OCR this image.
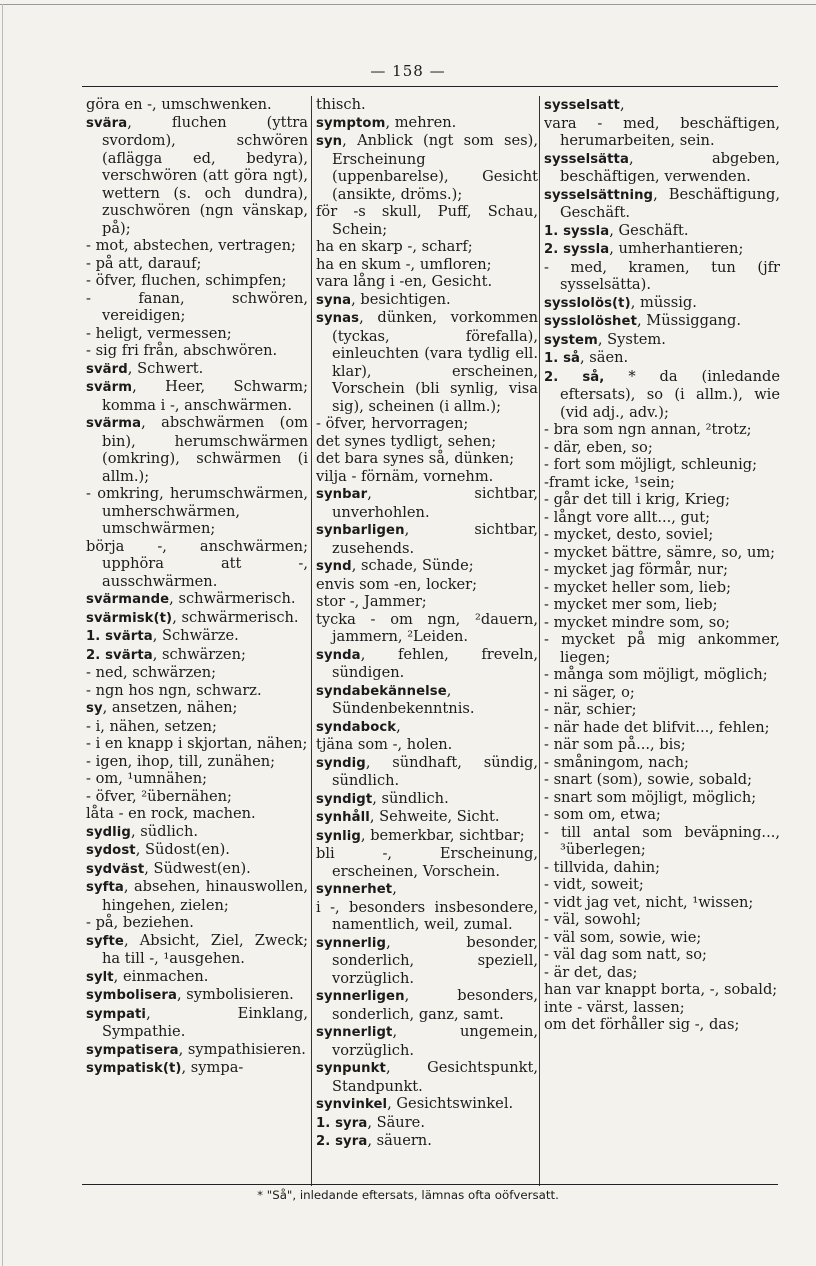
— 158 —

göra en -, umschwenken.

svära, fluchen (yttra svordom), schwören (aflägga ed, bedyra), verschwören (att göra ngt), wettern (s. och dundra), zuschwören (ngn vänskap, på);

- mot, abstechen, vertragen;

- på att, darauf;

- öfver, fluchen, schimpfen;

- fanan, schwören, vereidigen;

- heligt, vermessen;

- sig fri från, abschwören.

svärd, Schwert.

svärm, Heer, Schwarm; komma i -, anschwärmen.

svärma, abschwärmen (om bin), herumschwärmen (omkring), schwärmen (i allm.);

- omkring, herumschwärmen, umherschwärmen, umschwärmen;

börja -, anschwärmen; upphöra att -, ausschwärmen.

svärmande, schwärmerisch.

svärmisk(t), schwärmerisch.

1. svärta, Schwärze.

2. svärta, schwärzen;

- ned, schwärzen;

- ngn hos ngn, schwarz.

sy, ansetzen, nähen;

- i, nähen, setzen;

- i en knapp i skjortan, nähen;

- igen, ihop, till, zunähen;

- om, ¹umnähen;

- öfver, ²übernähen;

låta - en rock, machen.

sydlig, südlich.

sydost, Südost(en).

sydväst, Südwest(en).

syfta, absehen, hinauswollen, hingehen, zielen;

- på, beziehen.

syfte, Absicht, Ziel, Zweck; ha till -, ¹ausgehen.

sylt, einmachen.

symbolisera, symbolisieren.

sympati, Einklang, Sympathie.

sympatisera, sympathisieren.

sympatisk(t), sympa-

thisch.

symptom, mehren.

syn, Anblick (ngt som ses), Erscheinung (uppenbarelse), Gesicht (ansikte, dröms.);

för -s skull, Puff, Schau, Schein;

ha en skarp -, scharf;

ha en skum -, umfloren;

vara lång i -en, Gesicht.

syna, besichtigen.

synas, dünken, vorkommen (tyckas, förefalla), einleuchten (vara tydlig ell. klar), erscheinen, Vorschein (bli synlig, visa sig), scheinen (i allm.);

- öfver, hervorragen;

det synes tydligt, sehen;

det bara synes så, dünken;

vilja - förnäm, vornehm.

synbar, sichtbar, unverhohlen.

synbarligen, sichtbar, zusehends.

synd, schade, Sünde;

envis som -en, locker;

stor -, Jammer;

tycka - om ngn, ²dauern, jammern, ²Leiden.

synda, fehlen, freveln, sündigen.

syndabekännelse, Sündenbekenntnis.

syndabock,

tjäna som -, holen.

syndig, sündhaft, sündig, sündlich.

syndigt, sündlich.

synhåll, Sehweite, Sicht.

synlig, bemerkbar, sichtbar;

bli -, Erscheinung, erscheinen, Vorschein.

synnerhet,

i -, besonders insbesondere, namentlich, weil, zumal.

synnerlig, besonder, sonderlich, speziell, vorzüglich.

synnerligen, besonders, sonderlich, ganz, samt.

synnerligt, ungemein, vorzüglich.

synpunkt, Gesichtspunkt, Standpunkt.

synvinkel, Gesichtswinkel.

1. syra, Säure.

2. syra, säuern.

sysselsatt,

vara - med, beschäftigen, herumarbeiten, sein.

sysselsätta, abgeben, beschäftigen, verwenden.

sysselsättning, Beschäftigung, Geschäft.

1. syssla, Geschäft.

2. syssla, umherhantieren;

- med, kramen, tun (jfr sysselsätta).

sysslolös(t), müssig.

sysslolöshet, Müssiggang.

system, System.

1. så, säen.

2. så, * da (inledande eftersats), so (i allm.), wie (vid adj., adv.);

- bra som ngn annan, ²trotz;

- där, eben, so;

- fort som möjligt, schleunig;

-framt icke, ¹sein;

- går det till i krig, Krieg;

- långt vore allt..., gut;

- mycket, desto, soviel;

- mycket bättre, sämre, so, um;

- mycket jag förmår, nur;

- mycket heller som, lieb;

- mycket mer som, lieb;

- mycket mindre som, so;

- mycket på mig ankommer, liegen;

- många som möjligt, möglich;

- ni säger, o;

- när, schier;

- när hade det blifvit..., fehlen;

- när som på..., bis;

- småningom, nach;

- snart (som), sowie, sobald;

- snart som möjligt, möglich;

- som om, etwa;

- till antal som beväpning..., ³überlegen;

- tillvida, dahin;

- vidt, soweit;

- vidt jag vet, nicht, ¹wissen;

- väl, sowohl;

- väl som, sowie, wie;

- väl dag som natt, so;

- är det, das;

han var knappt borta, -, sobald;

inte - värst, lassen;

om det förhåller sig -, das;

* "Så", inledande eftersats, lämnas ofta oöfversatt.
